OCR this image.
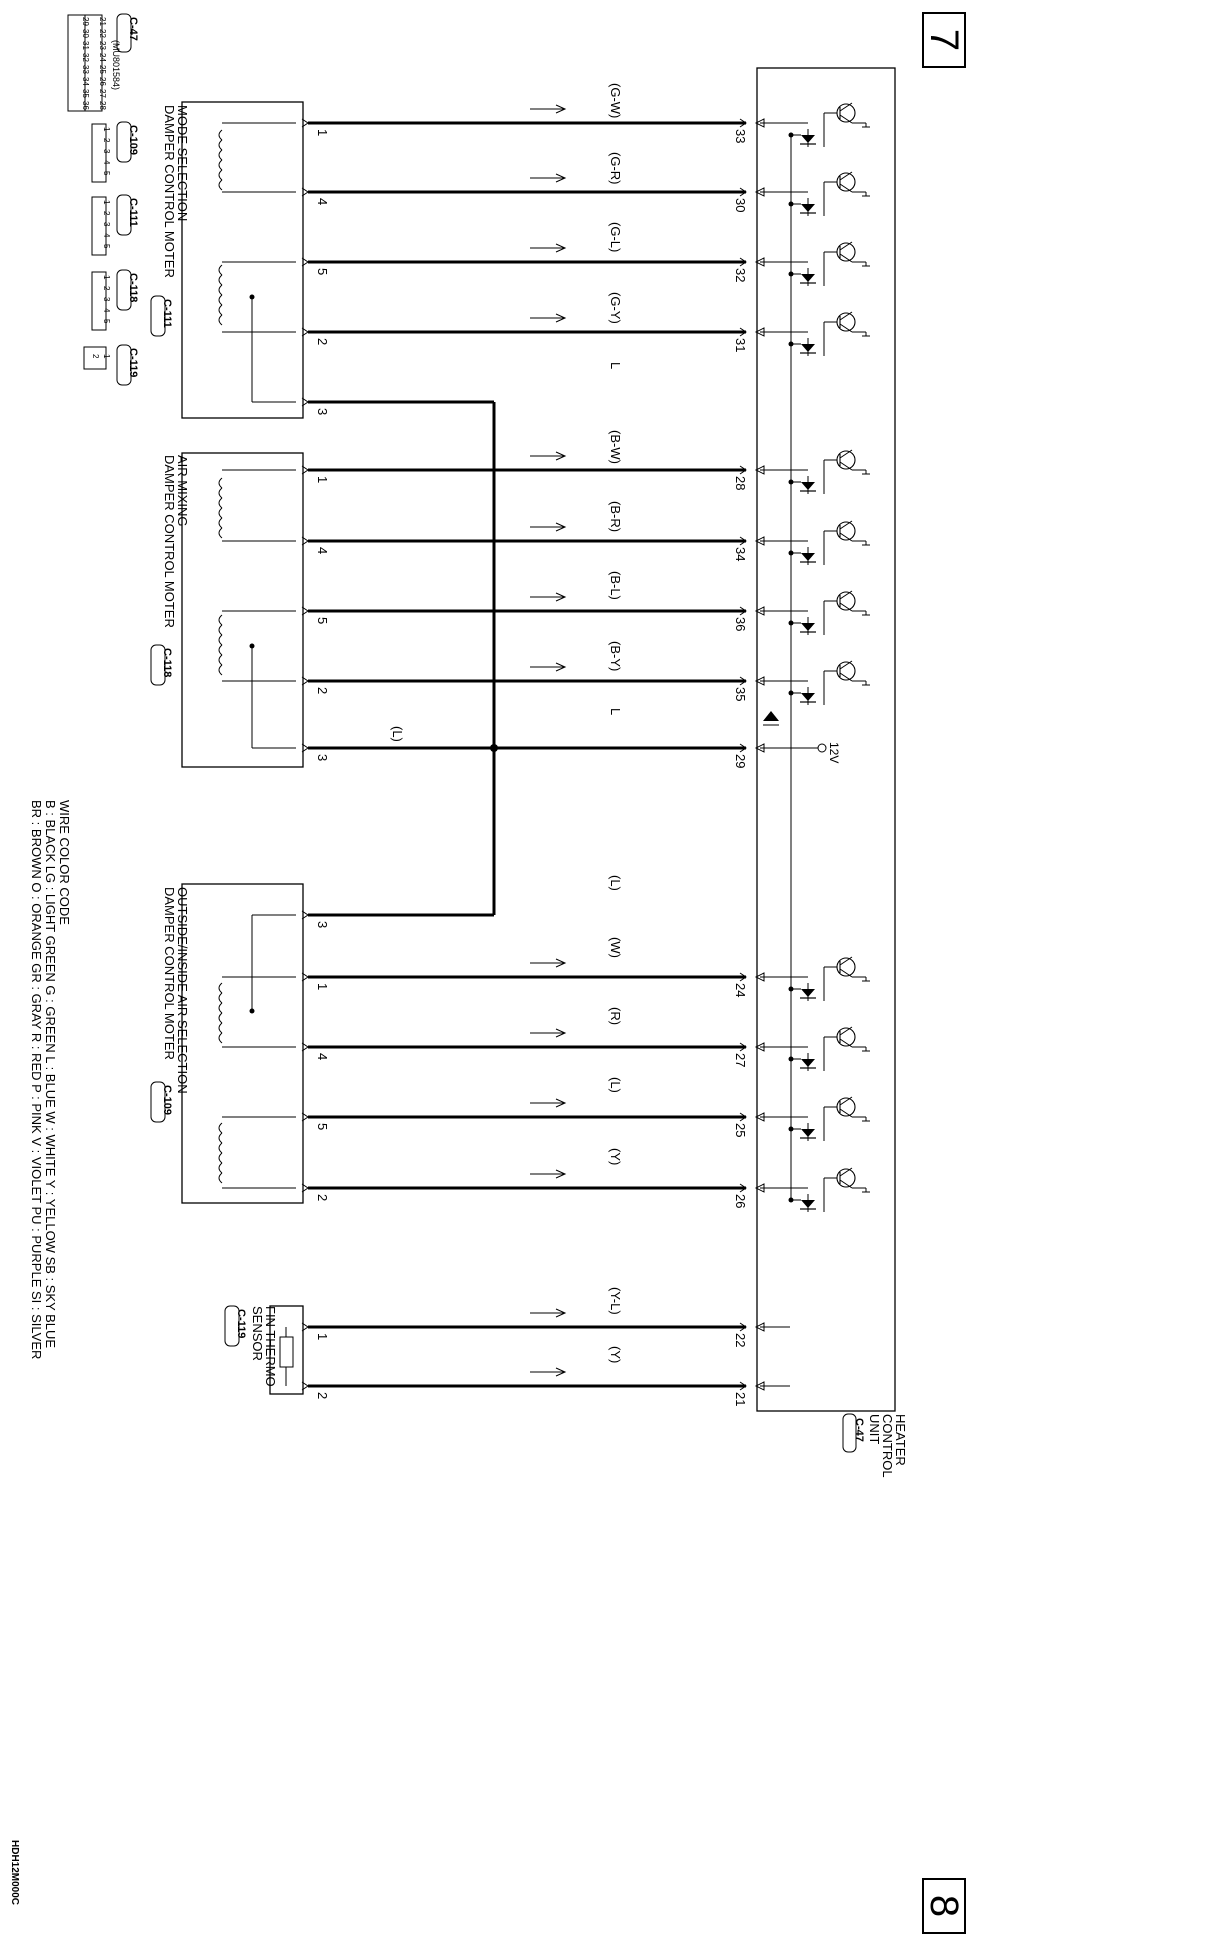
7
8
33
1
(G-W)
30
4
(G-R)
32
5
(G-L)
31
2
(G-Y)
3
L
28
1
(B-W)
34
4
(B-R)
36
5
(B-L)
35
2
(B-Y)
29
3
L
(L)
3
(L)
24
1
(W)
27
4
(R)
25
5
(L)
26
2
(Y)
22
1
(Y-L)
21
2
(Y)
12V
HEATER
CONTROL
UNIT
C-47
MODE SELECTION
DAMPER CONTROL MOTER
C-111
AIR MIXING
DAMPER CONTROL MOTER
C-118
OUTSIDE/INSIDE AIR SELECTION
DAMPER CONTROL MOTER
C-109
FIN THERMO
SENSOR
C-119
C-47
(MU801584)
21
22
23
24
25
26
27
28
29
30
31
32
33
34
35
36
C-109
1
2
3
4
5
C-111
1
2
3
4
5
C-118
1
2
3
4
5
C-119
1
2
WIRE COLOR CODE
B : BLACK LG : LIGHT GREEN G : GREEN L : BLUE W : WHITE Y : YELLOW SB : SKY BLUE
BR : BROWN O : ORANGE GR : GRAY R : RED P : PINK V : VIOLET PU : PURPLE SI : SILVER
HDH12M000C
